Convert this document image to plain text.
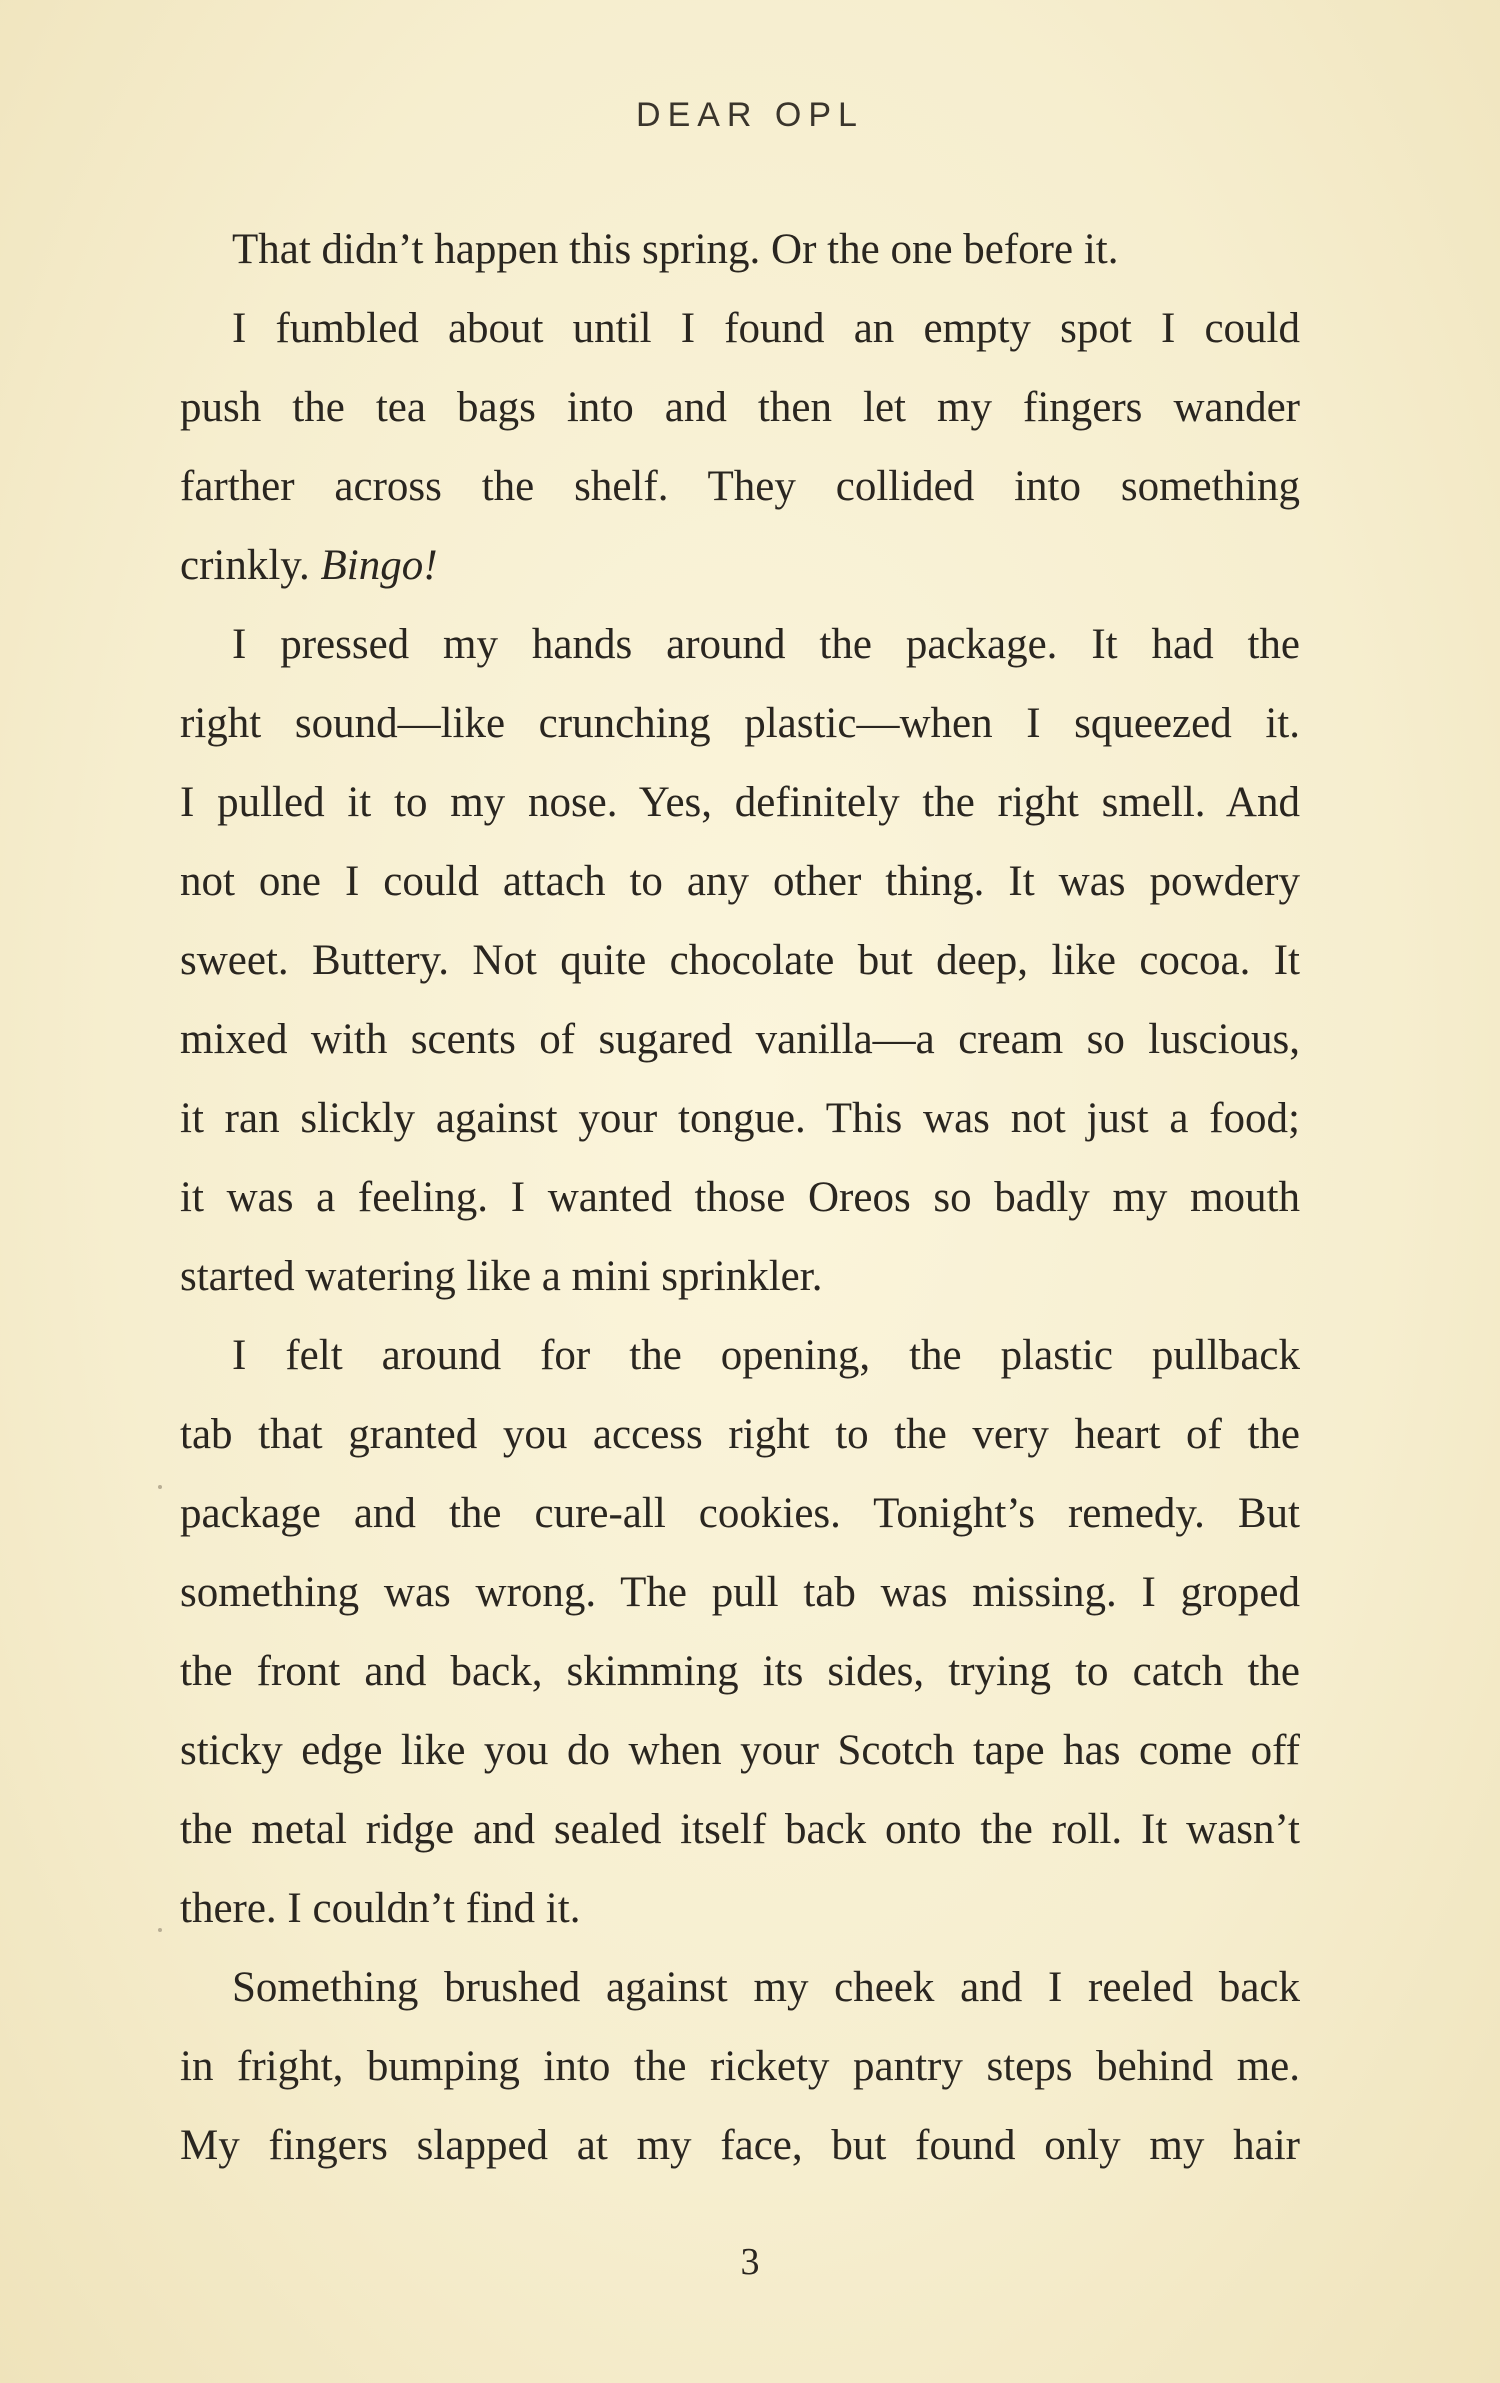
DEAR OPL
That didn’t happen this spring. Or the one before it.
I fumbled about until I found an empty spot I could
push the tea bags into and then let my fingers wander
farther across the shelf. They collided into something
crinkly. Bingo!
I pressed my hands around the package. It had the
right sound—like crunching plastic—when I squeezed it.
I pulled it to my nose. Yes, definitely the right smell. And
not one I could attach to any other thing. It was powdery
sweet. Buttery. Not quite chocolate but deep, like cocoa. It
mixed with scents of sugared vanilla—a cream so luscious,
it ran slickly against your tongue. This was not just a food;
it was a feeling. I wanted those Oreos so badly my mouth
started watering like a mini sprinkler.
I felt around for the opening, the plastic pullback
tab that granted you access right to the very heart of the
package and the cure-all cookies. Tonight’s remedy. But
something was wrong. The pull tab was missing. I groped
the front and back, skimming its sides, trying to catch the
sticky edge like you do when your Scotch tape has come off
the metal ridge and sealed itself back onto the roll. It wasn’t
there. I couldn’t find it.
Something brushed against my cheek and I reeled back
in fright, bumping into the rickety pantry steps behind me.
My fingers slapped at my face, but found only my hair
3
